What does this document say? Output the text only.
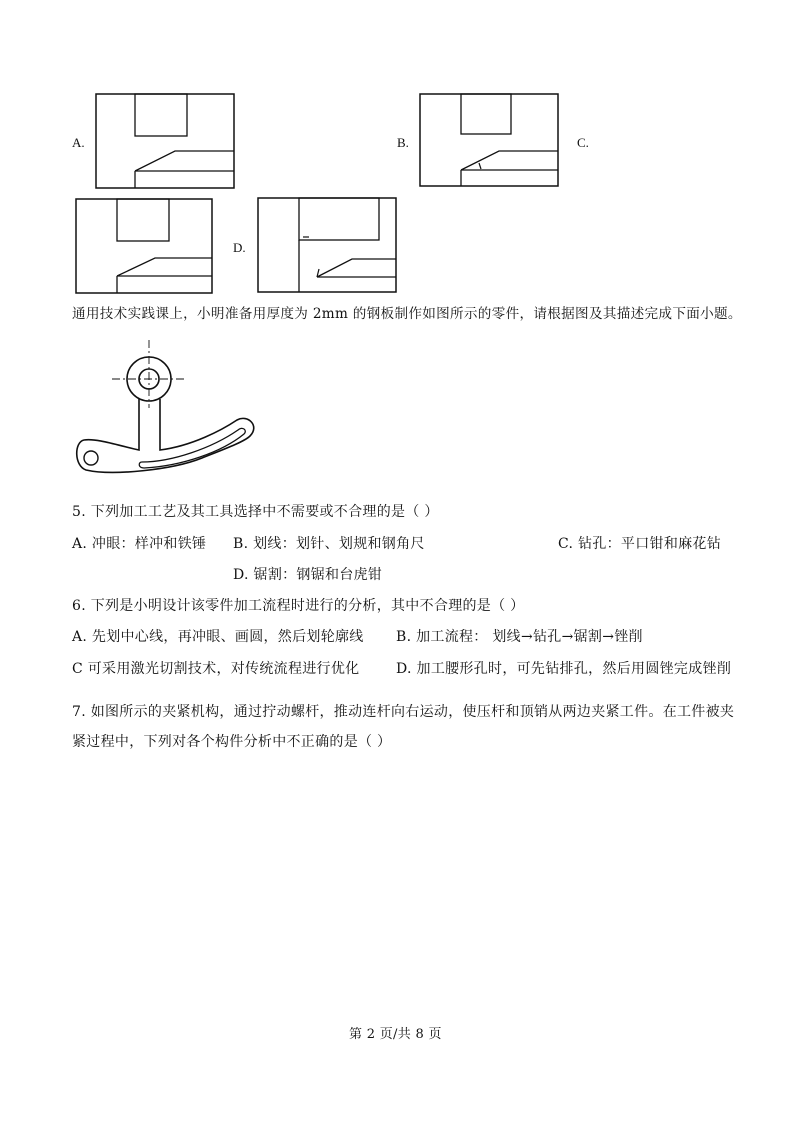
A.	B.	C.
D.
通用技术实践课上，小明准备用厚度为 2mm 的钢板制作如图所示的零件，请根据图及其描述完成下面小题。
5. 下列加工工艺及其工具选择中不需要或不合理的是（ ）
A. 冲眼：样冲和铁锤 B. 划线：划针、划规和钢角尺	C. 钻孔：平口钳和麻花钻
D. 锯割：钢锯和台虎钳
6. 下列是小明设计该零件加工流程时进行的分析，其中不合理的是（ ）
A. 先划中心线，再冲眼、画圆，然后划轮廓线 B. 加工流程： 划线→钻孔→锯割→锉削
C 可采用激光切割技术，对传统流程进行优化	D. 加工腰形孔时，可先钻排孔，然后用圆锉完成锉削
7. 如图所示的夹紧机构，通过拧动螺杆，推动连杆向右运动，使压杆和顶销从两边夹紧工件。在工件被夹
紧过程中，下列对各个构件分析中不正确的是（ ）
第 2 页/共 8 页
